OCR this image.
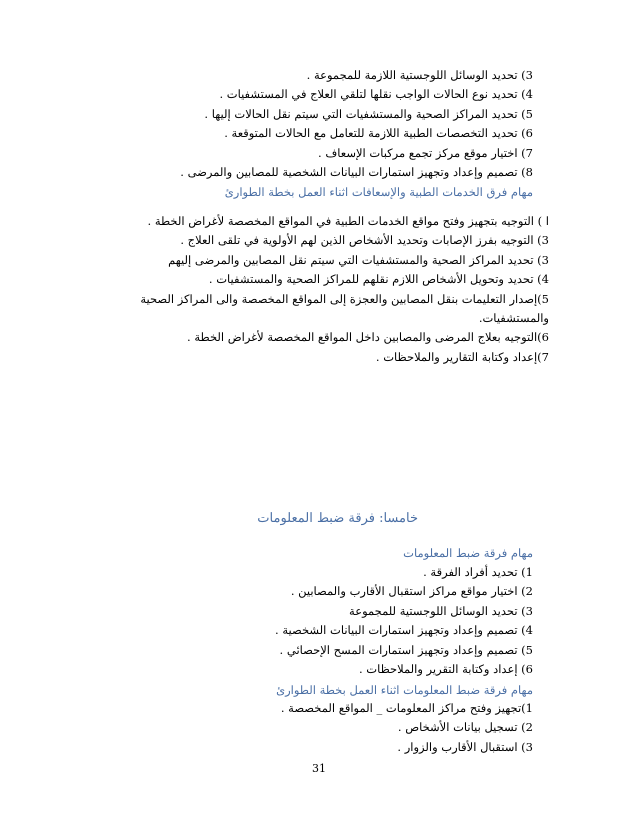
3) تحديد الوسائل اللوجستية اللازمة للمجموعة .
4) تحديد نوع الحالات الواجب نقلها لتلقي العلاج في المستشفيات .
5) تحديد المراكز الصحية والمستشفيات التي سيتم نقل الحالات إليها .
6) تحديد التخصصات الطبية اللازمة للتعامل مع الحالات المتوقعة .
7) اختيار موقع مركز تجمع مركبات الإسعاف .
8) تصميم وإعداد وتجهيز استمارات البيانات الشخصية للمصابين والمرضى .
مهام فرق الخدمات الطبية والإسعافات اثناء العمل بخطة الطوارئ
ا ) التوجيه بتجهيز وفتح مواقع الخدمات الطبية في المواقع المخصصة لأغراض الخطة .
3) التوجيه بفرز الإصابات وتحديد الأشخاص الذين لهم الأولوية في تلقى العلاج .
3) تحديد المراكز الصحية والمستشفيات التي سيتم نقل المصابين والمرضى إليهم
4) تحديد وتحويل الأشخاص اللازم نقلهم للمراكز الصحية والمستشفيات .
5)إصدار التعليمات بنقل المصابين والعجزة إلى المواقع المخصصة والى المراكز الصحية
والمستشفيات.
6)التوجيه بعلاج المرضى والمصابين داخل المواقع المخصصة لأغراض الخطة .
7)إعداد وكتابة التقارير والملاحظات .
خامسا: فرقة ضبط المعلومات
مهام فرقة ضبط المعلومات
1) تحديد أفراد الفرقة .
2) اختيار مواقع مراكز استقبال الأقارب والمصابين .
3) تحديد الوسائل اللوجستية للمجموعة
4) تصميم وإعداد وتجهيز استمارات البيانات الشخصية .
5) تصميم وإعداد وتجهيز استمارات المسح الإحصائي .
6) إعداد وكتابة التقرير والملاحظات .
مهام فرقة ضبط المعلومات اثناء العمل بخطة الطوارئ
1)تجهيز وفتح مراكز المعلومات _ المواقع المخصصة .
2) تسجيل بيانات الأشخاص .
3) استقبال الأقارب والزوار .
31
